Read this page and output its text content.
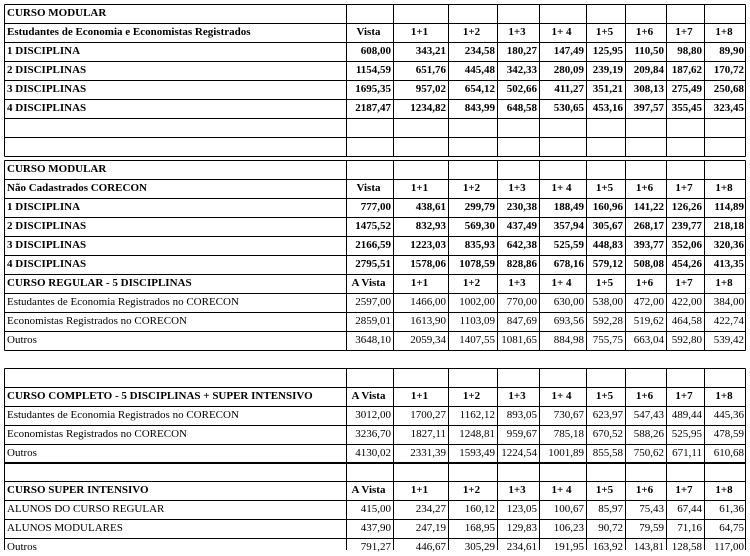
CURSO MODULAR
Estudantes de Economia e Economistas Registrados	Vista	1+1	1+2	1+3	1+ 4	1+5	1+6	1+7	1+8
1 DISCIPLINA	608,00	343,21	234,58	180,27	147,49 125,95	110,50	98,80	89,90
2 DISCIPLINAS	1154,59	651,76	445,48	342,33	280,09 239,19 209,84 187,62	170,72
3 DISCIPLINAS	1695,35	957,02	654,12	502,66	411,27 351,21 308,13 275,49	250,68
4 DISCIPLINAS	2187,47	1234,82	843,99	648,58	530,65 453,16 397,57 355,45	323,45
CURSO MODULAR
Não Cadastrados CORECON	Vista	1+1	1+2	1+3	1+ 4	1+5	1+6	1+7	1+8
1 DISCIPLINA	777,00	438,61	299,79	230,38	188,49 160,96 141,22 126,26	114,89
2 DISCIPLINAS	1475,52	832,93	569,30	437,49	357,94 305,67 268,17 239,77	218,18
3 DISCIPLINAS	2166,59	1223,03	835,93	642,38	525,59 448,83 393,77 352,06	320,36
4 DISCIPLINAS	2795,51	1578,06	1078,59	828,86	678,16 579,12 508,08 454,26	413,35
CURSO REGULAR - 5 DISCIPLINAS	A Vista	1+1	1+2	1+3	1+ 4	1+5	1+6	1+7	1+8
Estudantes de Economia Registrados no CORECON	2597,00	1466,00	1002,00	770,00	630,00 538,00 472,00 422,00	384,00
Economistas Registrados no CORECON	2859,01	1613,90	1103,09	847,69	693,56 592,28 519,62 464,58	422,74
Outros	3648,10	2059,34	1407,55 1081,65	884,98 755,75 663,04 592,80	539,42
CURSO COMPLETO - 5 DISCIPLINAS + SUPER INTENSIVO	A Vista	1+1	1+2	1+3	1+ 4	1+5	1+6	1+7	1+8
Estudantes de Economia Registrados no CORECON	3012,00	1700,27	1162,12	893,05	730,67 623,97 547,43 489,44	445,36
Economistas Registrados no CORECON	3236,70	1827,11	1248,81	959,67	785,18 670,52 588,26 525,95	478,59
Outros	4130,02	2331,39	1593,49 1224,54	1001,89 855,58 750,62 671,11	610,68
CURSO SUPER INTENSIVO	A Vista	1+1	1+2	1+3	1+ 4	1+5	1+6	1+7	1+8
ALUNOS DO CURSO REGULAR	415,00	234,27	160,12	123,05	100,67	85,97	75,43	67,44	61,36
ALUNOS MODULARES	437,90	247,19	168,95	129,83	106,23	90,72	79,59	71,16	64,75
Outros	791,27	446,67	305,29	234,61	191,95 163,92 143,81 128,58	117,00
